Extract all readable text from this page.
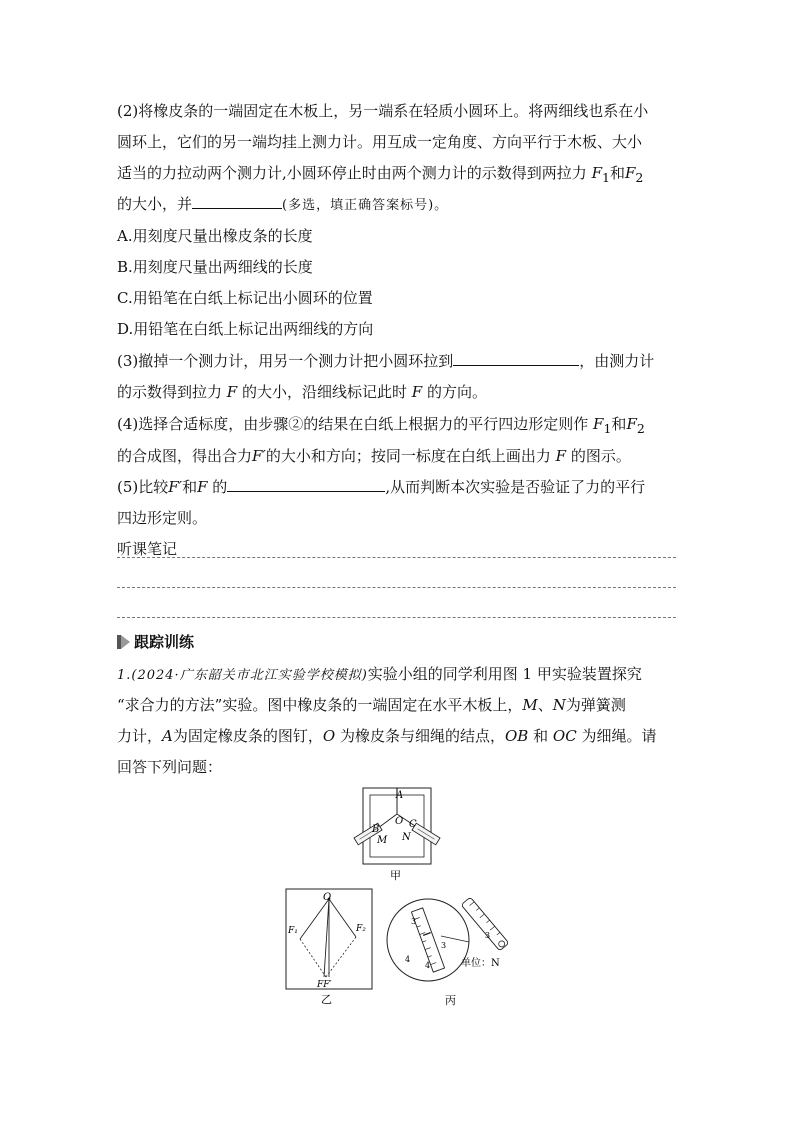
(2)将橡皮条的一端固定在木板上，另一端系在轻质小圆环上。将两细线也系在小
圆环上，它们的另一端均挂上测力计。用互成一定角度、方向平行于木板、大小
适当的力拉动两个测力计,小圆环停止时由两个测力计的示数得到两拉力 $F_1$和$F_2$
的大小，并	(多选，填正确答案标号)。
A.用刻度尺量出橡皮条的长度
B.用刻度尺量出两细线的长度
C.用铅笔在白纸上标记出小圆环的位置
D.用铅笔在白纸上标记出两细线的方向
(3)撤掉一个测力计，用另一个测力计把小圆环拉到	，由测力计
的示数得到拉力 F 的大小，沿细线标记此时 F 的方向。
(4)选择合适标度，由步骤②的结果在白纸上根据力的平行四边形定则作 $F_1$和$F_2$
的合成图，得出合力F′的大小和方向；按同一标度在白纸上画出力 F 的图示。
(5)比较F′和F 的	,从而判断本次实验是否验证了力的平行
四边形定则。
听课笔记
跟踪训练
1.(2024·广东韶关市北江实验学校模拟)实验小组的同学利用图 1 甲实验装置探究
“求合力的方法”实验。图中橡皮条的一端固定在水平木板上，M、N为弹簧测
力计，A为固定橡皮条的图钉，O 为橡皮条与细绳的结点，OB 和 OC 为细绳。请
回答下列问题：
A
O
B	C
M N
甲
O
F₁	F₂
FF′
乙
3
3
4
4
3
单位：N
丙
